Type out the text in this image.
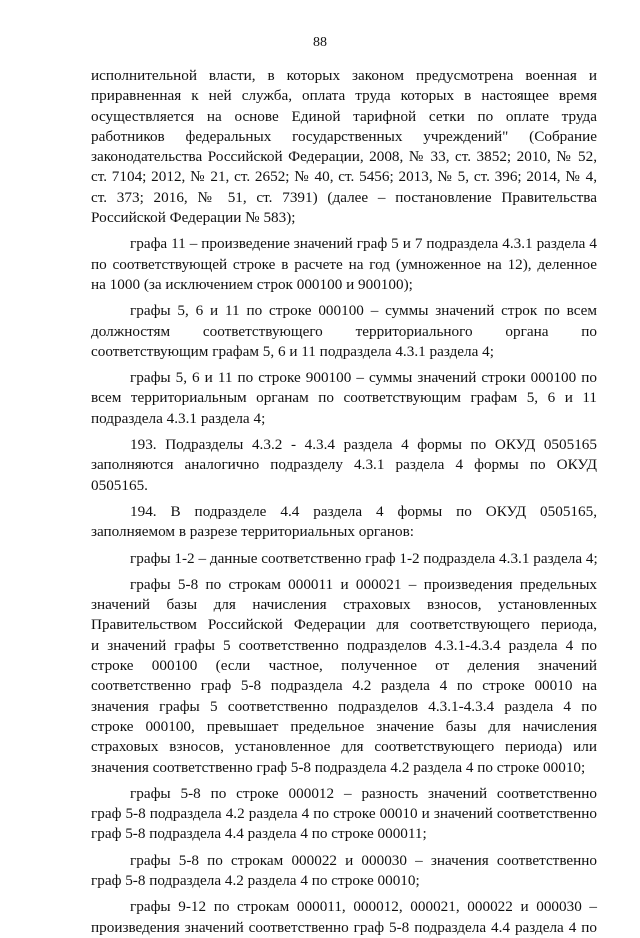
88
исполнительной власти, в которых законом предусмотрена военная и
приравненная к ней служба, оплата труда которых в настоящее время
осуществляется на основе Единой тарифной сетки по оплате труда
работников федеральных государственных учреждений" (Собрание
законодательства Российской Федерации, 2008, № 33, ст. 3852; 2010, № 52,
ст. 7104; 2012, № 21, ст. 2652; № 40, ст. 5456; 2013, № 5, ст. 396; 2014, № 4,
ст. 373; 2016, № 51, ст. 7391) (далее – постановление Правительства
Российской Федерации № 583);
графа 11 – произведение значений граф 5 и 7 подраздела 4.3.1 раздела 4
по соответствующей строке в расчете на год (умноженное на 12), деленное
на 1000 (за исключением строк 000100 и 900100);
графы 5, 6 и 11 по строке 000100 – суммы значений строк по всем
должностям соответствующего территориального органа по
соответствующим графам 5, 6 и 11 подраздела 4.3.1 раздела 4;
графы 5, 6 и 11 по строке 900100 – суммы значений строки 000100 по
всем территориальным органам по соответствующим графам 5, 6 и 11
подраздела 4.3.1 раздела 4;
193. Подразделы 4.3.2 - 4.3.4 раздела 4 формы по ОКУД 0505165
заполняются аналогично подразделу 4.3.1 раздела 4 формы по ОКУД
0505165.
194. В подразделе 4.4 раздела 4 формы по ОКУД 0505165,
заполняемом в разрезе территориальных органов:
графы 1-2 – данные соответственно граф 1-2 подраздела 4.3.1 раздела 4;
графы 5-8 по строкам 000011 и 000021 – произведения предельных
значений базы для начисления страховых взносов, установленных
Правительством Российской Федерации для соответствующего периода,
и значений графы 5 соответственно подразделов 4.3.1-4.3.4 раздела 4 по
строке 000100 (если частное, полученное от деления значений
соответственно граф 5-8 подраздела 4.2 раздела 4 по строке 00010 на
значения графы 5 соответственно подразделов 4.3.1-4.3.4 раздела 4 по
строке 000100, превышает предельное значение базы для начисления
страховых взносов, установленное для соответствующего периода) или
значения соответственно граф 5-8 подраздела 4.2 раздела 4 по строке 00010;
графы 5-8 по строке 000012 – разность значений соответственно
граф 5-8 подраздела 4.2 раздела 4 по строке 00010 и значений соответственно
граф 5-8 подраздела 4.4 раздела 4 по строке 000011;
графы 5-8 по строкам 000022 и 000030 – значения соответственно
граф 5-8 подраздела 4.2 раздела 4 по строке 00010;
графы 9-12 по строкам 000011, 000012, 000021, 000022 и 000030 –
произведения значений соответственно граф 5-8 подраздела 4.4 раздела 4 по
